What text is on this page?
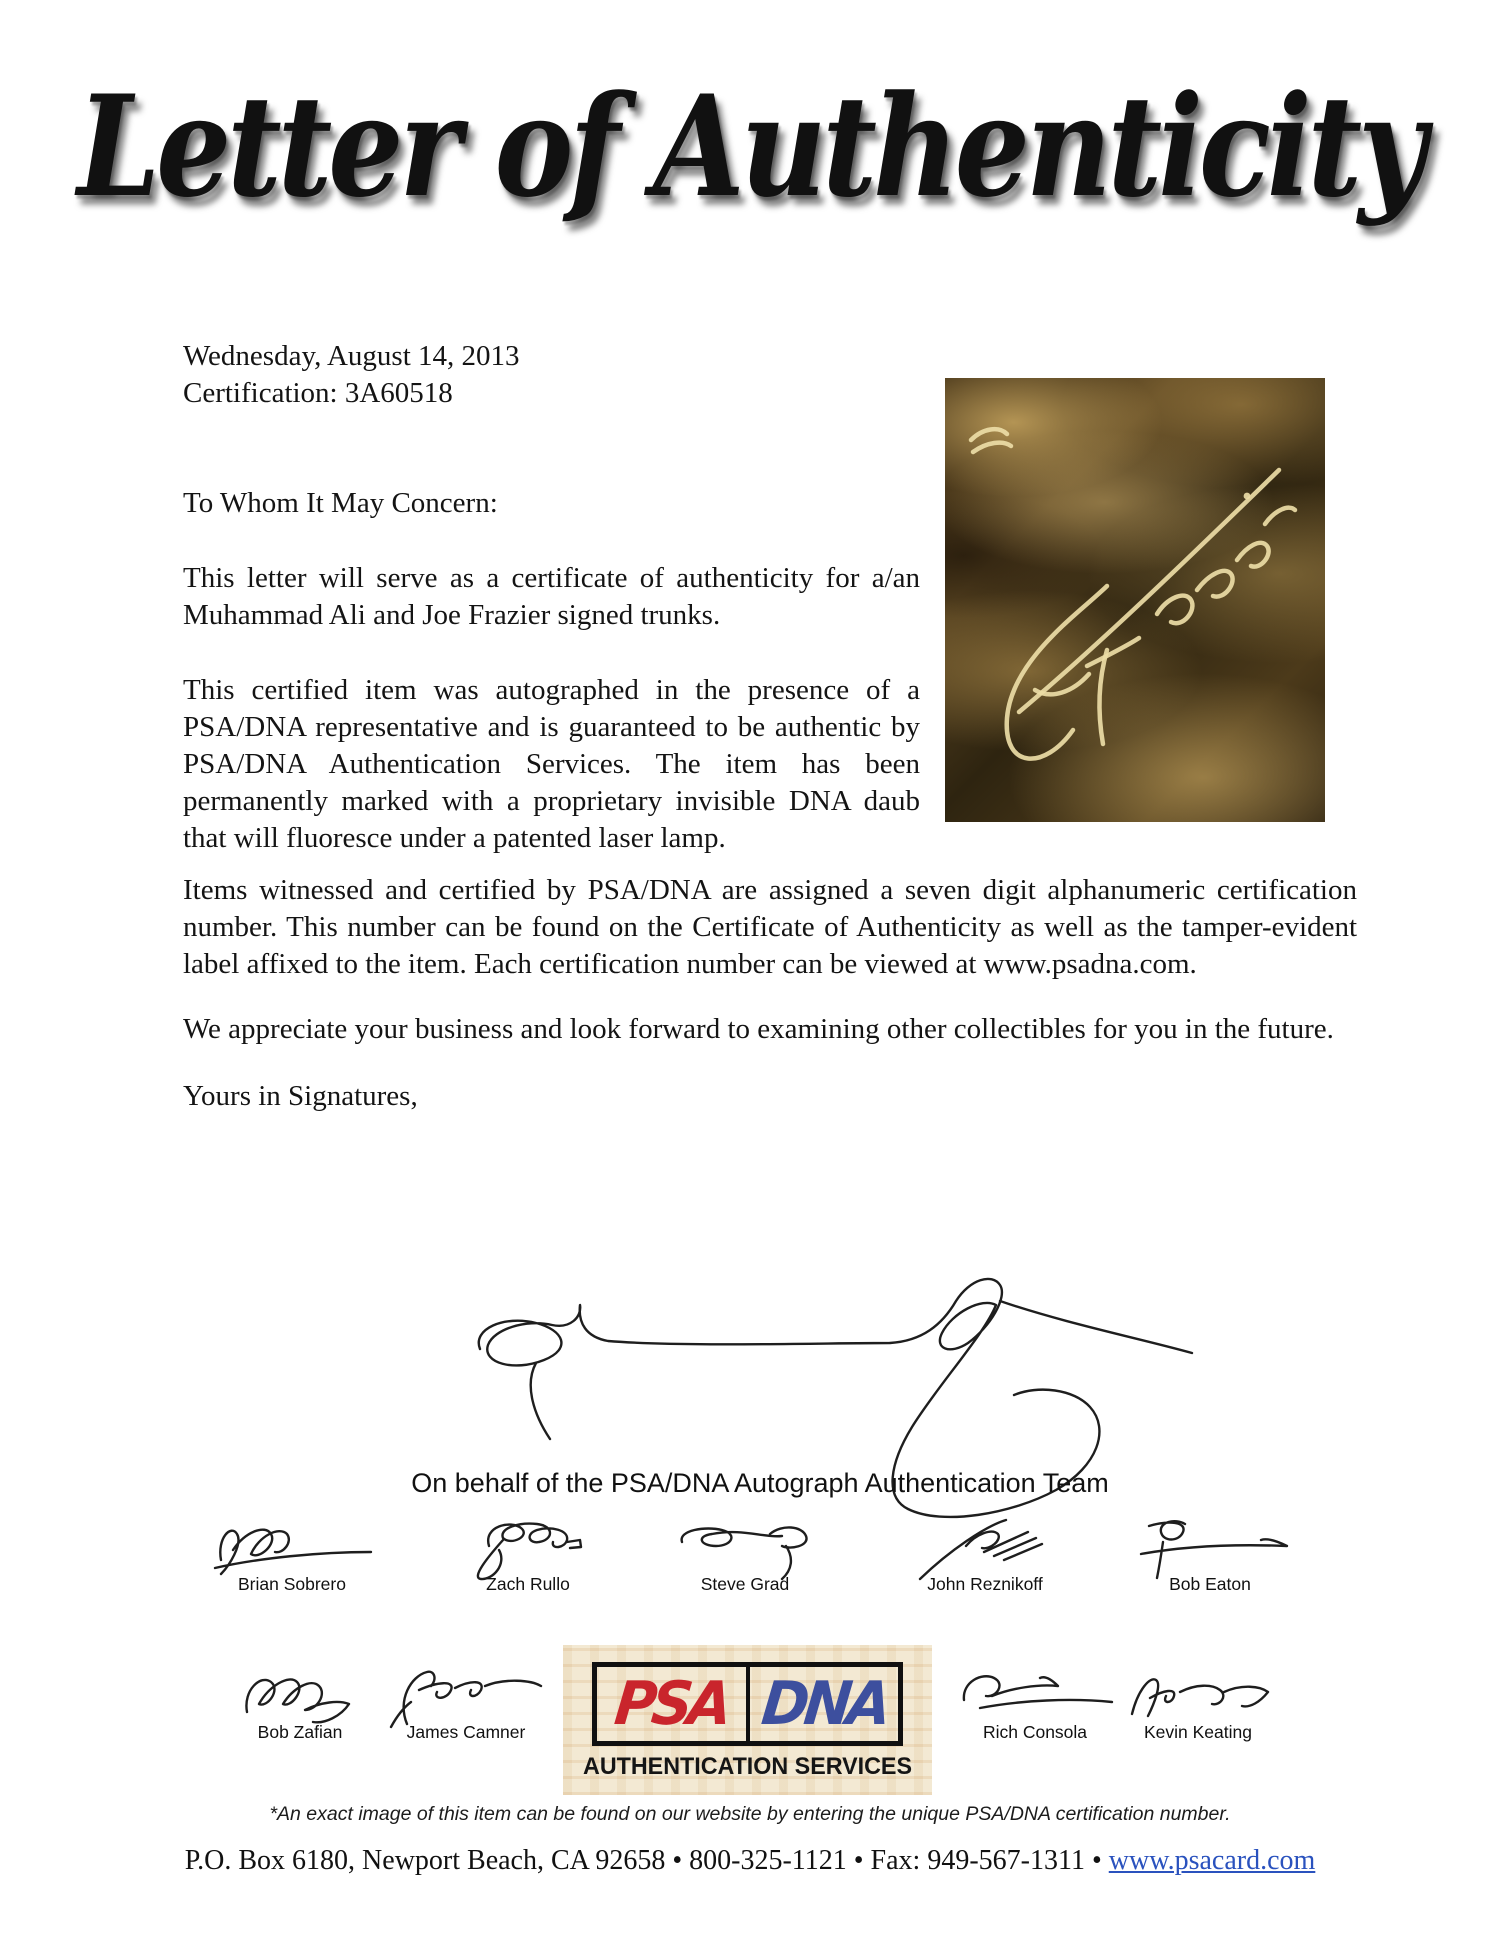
Letter of Authenticity
Wednesday, August 14, 2013
Certification: 3A60518

To Whom It May Concern:

This letter will serve as a certificate of authenticity for a/an Muhammad Ali and Joe Frazier signed trunks.

This certified item was autographed in the presence of a PSA/DNA representative and is guaranteed to be authentic by PSA/DNA Authentication Services. The item has been permanently marked with a proprietary invisible DNA daub that will fluoresce under a patented laser lamp.

Items witnessed and certified by PSA/DNA are assigned a seven digit alphanumeric certification number. This number can be found on the Certificate of Authenticity as well as the tamper-evident label affixed to the item. Each certification number can be viewed at www.psadna.com.

We appreciate your business and look forward to examining other collectibles for you in the future.

Yours in Signatures,

On behalf of the PSA/DNA Autograph Authentication Team
Brian Sobrero	Zach Rullo	Steve Grad	John Reznikoff	Bob Eaton
Bob Zafian	James Camner	Rich Consola	Kevin Keating
PSA DNA
AUTHENTICATION SERVICES
*An exact image of this item can be found on our website by entering the unique PSA/DNA certification number.
P.O. Box 6180, Newport Beach, CA 92658 • 800-325-1121 • Fax: 949-567-1311 • www.psacard.com
